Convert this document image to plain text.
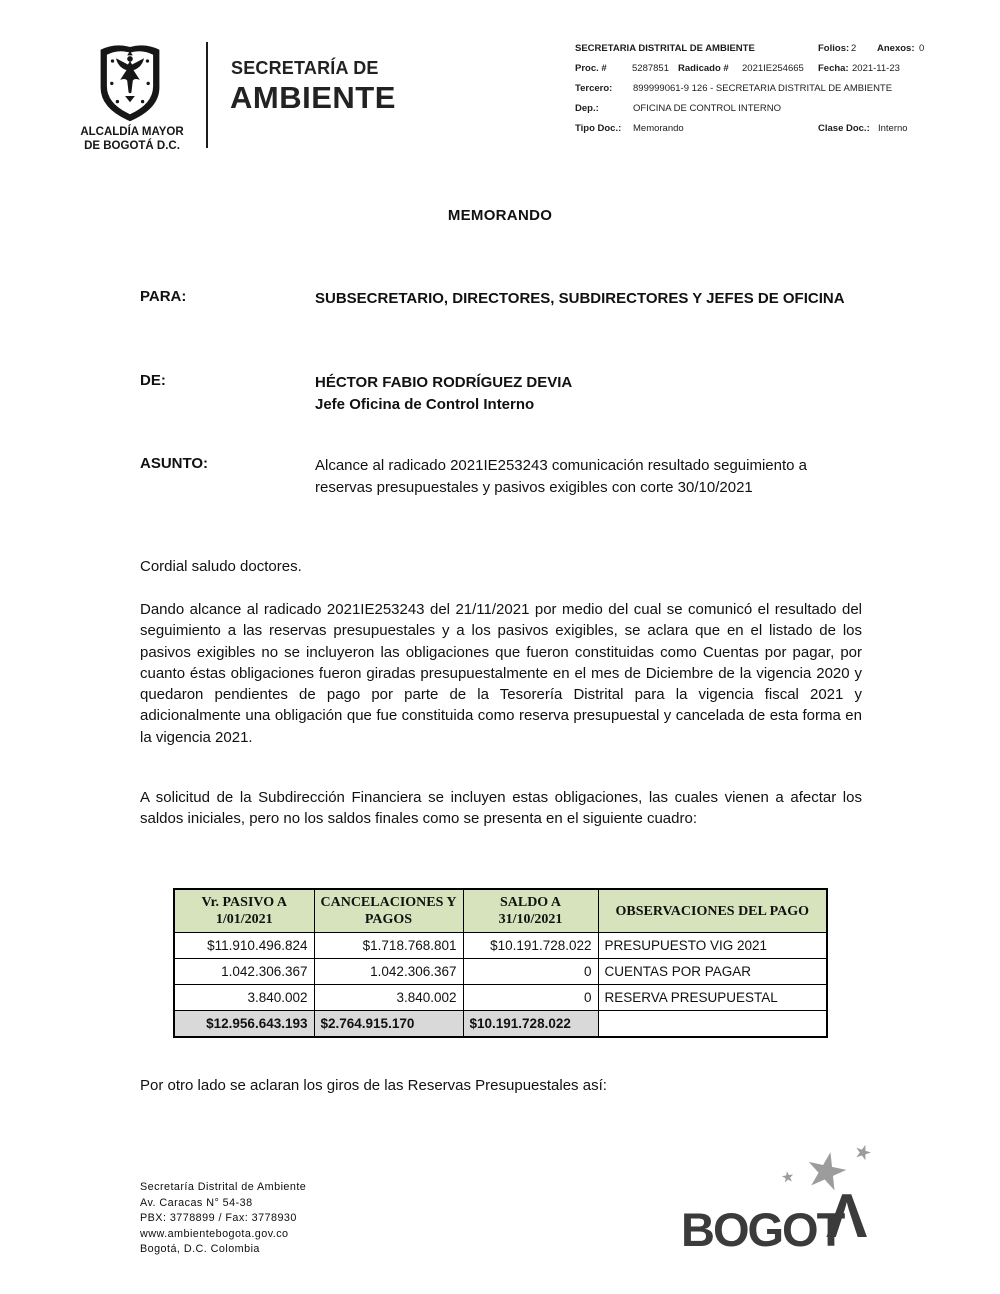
ALCALDÍA MAYOR
DE BOGOTÁ D.C.
SECRETARÍA DE
AMBIENTE
SECRETARIA DISTRITAL DE AMBIENTE	Folios: 2 Anexos: 0
Proc. #	5287851 Radicado # 2021IE254665 Fecha: 2021-11-23
Tercero: 899999061-9 126 - SECRETARIA DISTRITAL DE AMBIENTE
Dep.:	OFICINA DE CONTROL INTERNO
Tipo Doc.: Memorando	Clase Doc.: Interno
MEMORANDO
PARA:	SUBSECRETARIO, DIRECTORES, SUBDIRECTORES Y JEFES DE OFICINA
DE:	HÉCTOR FABIO RODRÍGUEZ DEVIA
Jefe Oficina de Control Interno
ASUNTO:	Alcance al radicado 2021IE253243 comunicación resultado seguimiento a reservas presupuestales y pasivos exigibles con corte 30/10/2021
Cordial saludo doctores.
Dando alcance al radicado 2021IE253243 del 21/11/2021 por medio del cual se comunicó el resultado del seguimiento a las reservas presupuestales y a los pasivos exigibles, se aclara que en el listado de los pasivos exigibles no se incluyeron las obligaciones que fueron constituidas como Cuentas por pagar, por cuanto éstas obligaciones fueron giradas presupuestalmente en el mes de Diciembre de la vigencia 2020 y quedaron pendientes de pago por parte de la Tesorería Distrital para la vigencia fiscal 2021 y adicionalmente una obligación que fue constituida como reserva presupuestal y cancelada de esta forma en la vigencia 2021.
A solicitud de la Subdirección Financiera se incluyen estas obligaciones, las cuales vienen a afectar los saldos iniciales, pero no los saldos finales como se presenta en el siguiente cuadro:
Vr. PASIVO A 1/01/2021	CANCELACIONES Y PAGOS	SALDO A 31/10/2021	OBSERVACIONES DEL PAGO
$11.910.496.824	$1.718.768.801	$10.191.728.022	PRESUPUESTO VIG 2021
1.042.306.367	1.042.306.367	0	CUENTAS POR PAGAR
3.840.002	3.840.002	0	RESERVA PRESUPUESTAL
$12.956.643.193	$2.764.915.170	$10.191.728.022	
Por otro lado se aclaran los giros de las Reservas Presupuestales así:
Secretaría Distrital de Ambiente
Av. Caracas N° 54-38
PBX: 3778899 / Fax: 3778930
www.ambientebogota.gov.co
Bogotá, D.C. Colombia
★
★
★
BOGOT
Λ
